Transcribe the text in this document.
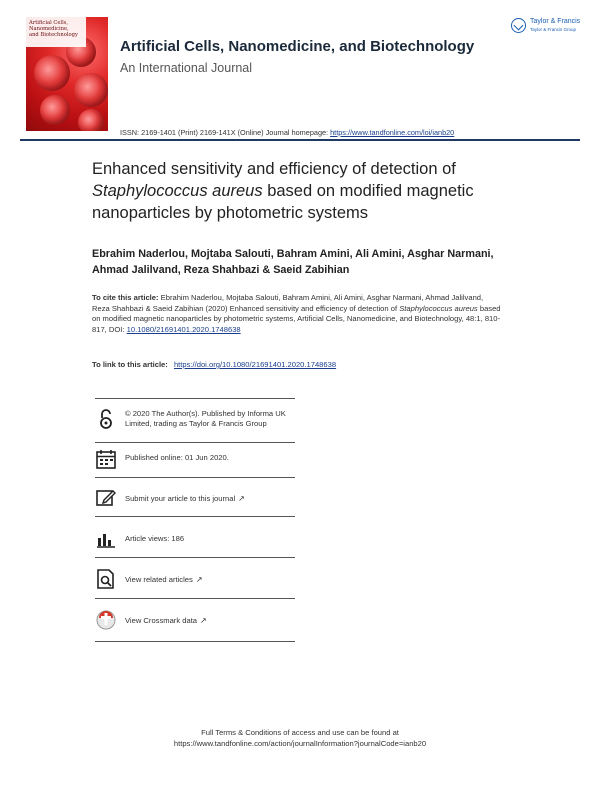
Artificial Cells,
Nanomedicine,
and Biotechnology
Artificial Cells, Nanomedicine, and Biotechnology
An International Journal
Taylor & Francis
Taylor & Francis Group
ISSN: 2169-1401 (Print) 2169-141X (Online) Journal homepage: https://www.tandfonline.com/loi/ianb20
Enhanced sensitivity and efficiency of detection of Staphylococcus aureus based on modified magnetic nanoparticles by photometric systems
Ebrahim Naderlou, Mojtaba Salouti, Bahram Amini, Ali Amini, Asghar Narmani, Ahmad Jalilvand, Reza Shahbazi & Saeid Zabihian
To cite this article: Ebrahim Naderlou, Mojtaba Salouti, Bahram Amini, Ali Amini, Asghar Narmani, Ahmad Jalilvand, Reza Shahbazi & Saeid Zabihian (2020) Enhanced sensitivity and efficiency of detection of Staphylococcus aureus based on modified magnetic nanoparticles by photometric systems, Artificial Cells, Nanomedicine, and Biotechnology, 48:1, 810-817, DOI: 10.1080/21691401.2020.1748638
To link to this article: https://doi.org/10.1080/21691401.2020.1748638
© 2020 The Author(s). Published by Informa UK Limited, trading as Taylor & Francis Group
Published online: 01 Jun 2020.
Submit your article to this journal ↗
Article views: 186
View related articles ↗
View Crossmark data ↗
Full Terms & Conditions of access and use can be found at
https://www.tandfonline.com/action/journalInformation?journalCode=ianb20
